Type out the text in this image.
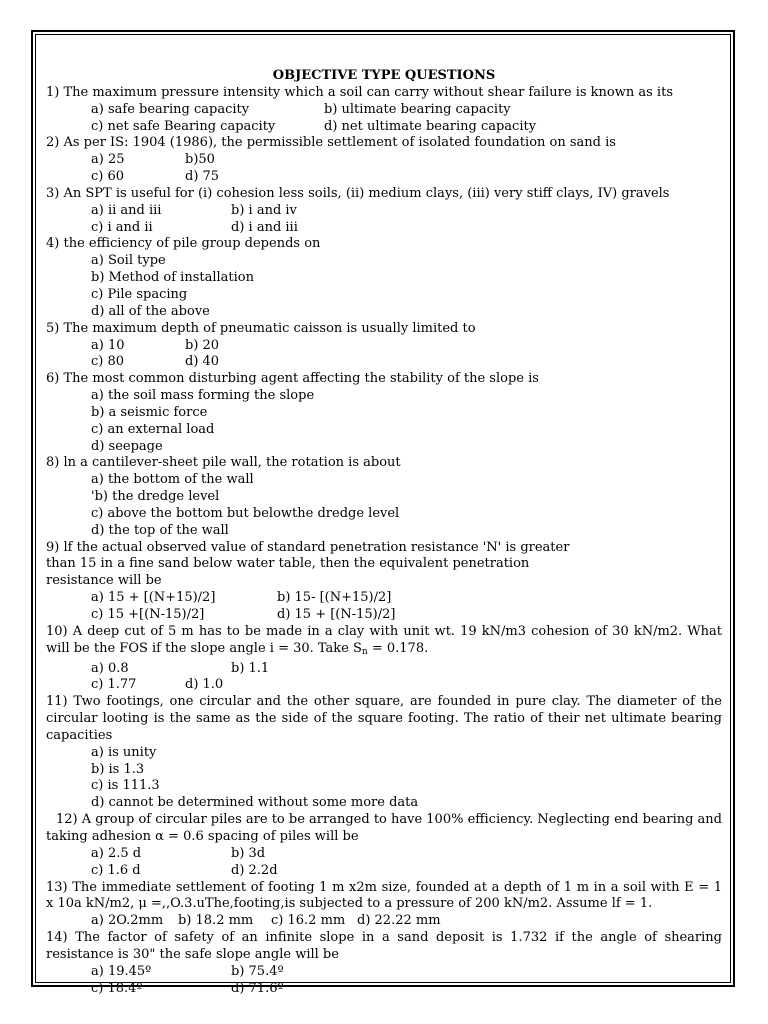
OBJECTIVE TYPE QUESTIONS
1) The maximum pressure intensity which a soil can carry without shear failure is known as its
a) safe bearing capacity	b) ultimate bearing capacity
c) net safe Bearing capacity	d) net ultimate bearing capacity
2) As per IS: 1904 (1986), the permissible settlement of isolated foundation on sand is
a) 25	b)50
c) 60	d) 75
3) An SPT is useful for (i) cohesion less soils, (ii) medium clays, (iii) very stiff clays, IV) gravels
a) ii and iii	b) i and iv
c) i and ii	d) i and iii
4) the efficiency of pile group depends on
a) Soil type
b) Method of installation
c) Pile spacing
d) all of the above
5) The maximum depth of pneumatic caisson is usually limited to
a) 10	b) 20
c) 80	d) 40
6) The most common disturbing agent affecting the stability of the slope is
a) the soil mass forming the slope
b) a seismic force
c) an external load
d) seepage
8) ln a cantilever-sheet pile wall, the rotation is about
a) the bottom of the wall
'b) the dredge level
c) above the bottom but belowthe dredge level
d) the top of the wall
9) lf the actual observed value of standard penetration resistance 'N' is greater
than 15 in a fine sand below water table, then the equivalent penetration
resistance will be
a) 15 + [(N+15)/2]	b) 15- [(N+15)/2]
c) 15 +[(N-15)/2]	d) 15 + [(N-15)/2]
10) A deep cut of 5 m has to be made in a clay with unit wt. 19 kN/m3 cohesion of 30 kN/m2. What will be the FOS if the slope angle i = 30. Take $S_n = 0.178$.
a) 0.8	b) 1.1
c) 1.77	d) 1.0
11) Two footings, one circular and the other square, are founded in pure clay. The diameter of the circular looting is the same as the side of the square footing. The ratio of their net ultimate bearing capacities
a) is unity
b) is 1.3
c) is 111.3
d) cannot be determined without some more data
12) A group of circular piles are to be arranged to have 100% efficiency. Neglecting end bearing and taking adhesion α = 0.6 spacing of piles will be
a) 2.5 d	b) 3d
c) 1.6 d	d) 2.2d
13) The immediate settlement of footing 1 m x2m size, founded at a depth of 1 m in a soil with E = 1 x 10a kN/m2, μ =,,O.3.uThe,footing,is subjected to a pressure of 200 kN/m2. Assume lf = 1.
a) 2O.2mm b) 18.2 mm c) 16.2 mm d) 22.22 mm
14) The factor of safety of an infinite slope in a sand deposit is 1.732 if the angle of shearing resistance is 30" the safe slope angle will be
a) 19.45º	b) 75.4º
c) 18.4º	d) 71.6º
